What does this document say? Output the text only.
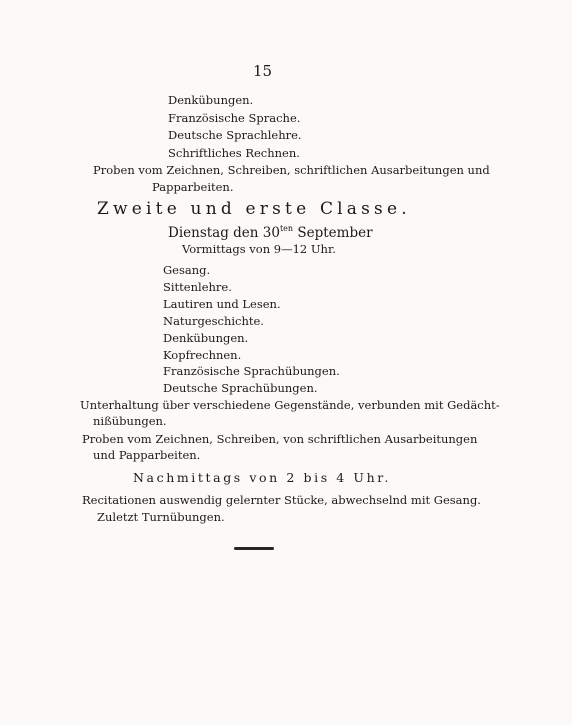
15
Denkübungen.
Französische Sprache.
Deutsche Sprachlehre.
Schriftliches Rechnen.
Proben vom Zeichnen, Schreiben, schriftlichen Ausarbeitungen und
Papparbeiten.
Zweite und erste Classe.
Dienstag den $30^{ten}$ September
Vormittags von 9—12 Uhr.
Gesang.
Sittenlehre.
Lautiren und Lesen.
Naturgeschichte.
Denkübungen.
Kopfrechnen.
Französische Sprachübungen.
Deutsche Sprachübungen.
Unterhaltung über verschiedene Gegenstände, verbunden mit Gedächt-
nißübungen.
Proben vom Zeichnen, Schreiben, von schriftlichen Ausarbeitungen
und Papparbeiten.
Nachmittags von 2 bis 4 Uhr.
Recitationen auswendig gelernter Stücke, abwechselnd mit Gesang.
Zuletzt Turnübungen.
